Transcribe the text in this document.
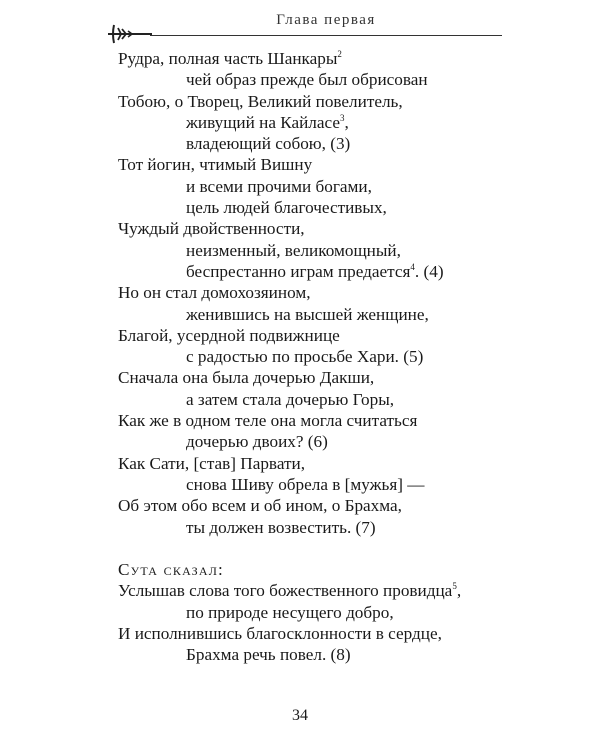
Глава первая
Рудра, полная часть Шанкары$^2$
чей образ прежде был обрисован
Тобою, о Творец, Великий повелитель,
живущий на Кайласе$^3$,
владеющий собою, (3)
Тот йогин, чтимый Вишну
и всеми прочими богами,
цель людей благочестивых,
Чуждый двойственности,
неизменный, великомощный,
беспрестанно играм предается$^4$. (4)
Но он стал домохозяином,
женившись на высшей женщине,
Благой, усердной подвижнице
с радостью по просьбе Хари. (5)
Сначала она была дочерью Дакши,
а затем стала дочерью Горы,
Как же в одном теле она могла считаться
дочерью двоих? (6)
Как Сати, [став] Парвати,
снова Шиву обрела в [мужья] —
Об этом обо всем и об ином, о Брахма,
ты должен возвестить. (7)
Сута сказал:
Услышав слова того божественного провидца$^5$,
по природе несущего добро,
И исполнившись благосклонности в сердце,
Брахма речь повел. (8)
34
